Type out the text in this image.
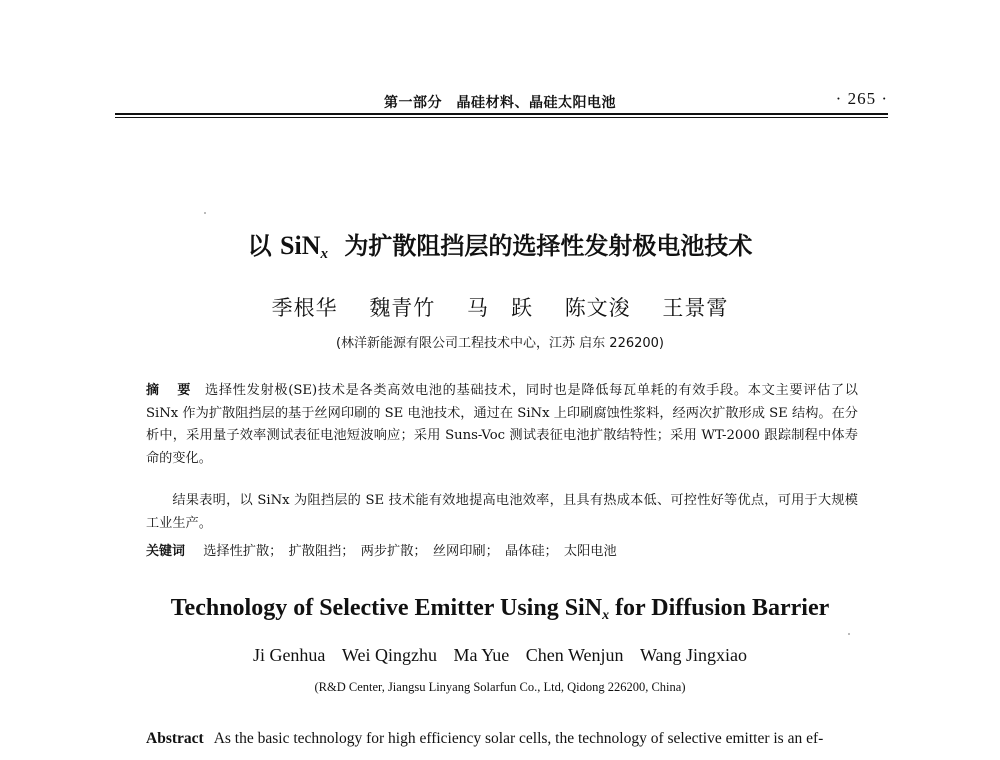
第一部分　晶硅材料、晶硅太阳电池	· 265 ·
以 SiN$_x$ 为扩散阻挡层的选择性发射极电池技术
季根华 魏青竹 马　跃 陈文浚 王景霄
(林洋新能源有限公司工程技术中心，江苏 启东 226200)
摘　要 选择性发射极(SE)技术是各类高效电池的基础技术，同时也是降低每瓦单耗的有效手段。本文主要评估了以 SiNx 作为扩散阻挡层的基于丝网印刷的 SE 电池技术，通过在 SiNx 上印刷腐蚀性浆料，经两次扩散形成 SE 结构。在分析中，采用量子效率测试表征电池短波响应；采用 Suns-Voc 测试表征电池扩散结特性；采用 WT-2000 跟踪制程中体寿命的变化。
结果表明，以 SiNx 为阻挡层的 SE 技术能有效地提高电池效率，且具有热成本低、可控性好等优点，可用于大规模工业生产。
关键词 选择性扩散； 扩散阻挡； 两步扩散； 丝网印刷； 晶体硅； 太阳电池
Technology of Selective Emitter Using SiN$_x$ for Diffusion Barrier
Ji Genhua Wei Qingzhu Ma Yue Chen Wenjun Wang Jingxiao
(R&D Center, Jiangsu Linyang Solarfun Co., Ltd, Qidong 226200, China)
Abstract As the basic technology for high efficiency solar cells, the technology of selective emitter is an ef-
